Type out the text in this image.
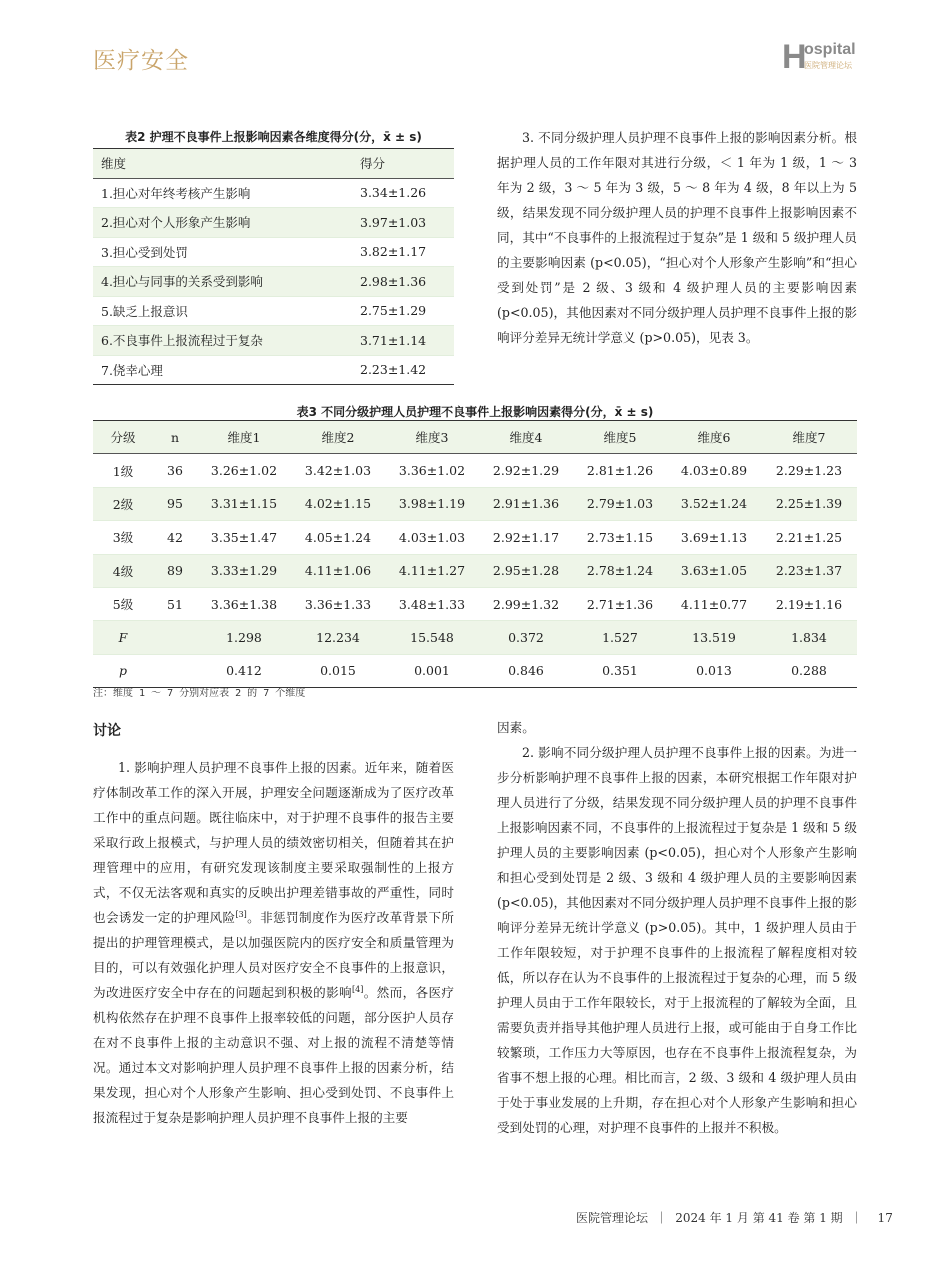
医疗安全	H
ospital
医院管理论坛
表2 护理不良事件上报影响因素各维度得分(分，x̄ ± s)
维度	得分
1.担心对年终考核产生影响	3.34±1.26
2.担心对个人形象产生影响	3.97±1.03
3.担心受到处罚	3.82±1.17
4.担心与同事的关系受到影响	2.98±1.36
5.缺乏上报意识	2.75±1.29
6.不良事件上报流程过于复杂	3.71±1.14
7.侥幸心理	2.23±1.42
3. 不同分级护理人员护理不良事件上报的影响因素分析。根据护理人员的工作年限对其进行分级，＜ 1 年为 1 级，1 ～ 3 年为 2 级，3 ～ 5 年为 3 级，5 ～ 8 年为 4 级，8 年以上为 5 级，结果发现不同分级护理人员的护理不良事件上报影响因素不同，其中“不良事件的上报流程过于复杂”是 1 级和 5 级护理人员的主要影响因素 (p<0.05)，“担心对个人形象产生影响”和“担心受到处罚”是 2 级、3 级和 4 级护理人员的主要影响因素 (p<0.05)，其他因素对不同分级护理人员护理不良事件上报的影响评分差异无统计学意义 (p>0.05)，见表 3。
表3 不同分级护理人员护理不良事件上报影响因素得分(分，x̄ ± s)
分级	n	维度1	维度2	维度3	维度4	维度5	维度6	维度7
1级	36	3.26±1.02	3.42±1.03	3.36±1.02	2.92±1.29	2.81±1.26	4.03±0.89	2.29±1.23
2级	95	3.31±1.15	4.02±1.15	3.98±1.19	2.91±1.36	2.79±1.03	3.52±1.24	2.25±1.39
3级	42	3.35±1.47	4.05±1.24	4.03±1.03	2.92±1.17	2.73±1.15	3.69±1.13	2.21±1.25
4级	89	3.33±1.29	4.11±1.06	4.11±1.27	2.95±1.28	2.78±1.24	3.63±1.05	2.23±1.37
5级	51	3.36±1.38	3.36±1.33	3.48±1.33	2.99±1.32	2.71±1.36	4.11±0.77	2.19±1.16
F		1.298	12.234	15.548	0.372	1.527	13.519	1.834
p		0.412	0.015	0.001	0.846	0.351	0.013	0.288
注：维度 1 ～ 7 分别对应表 2 的 7 个维度
讨论
1. 影响护理人员护理不良事件上报的因素。近年来，随着医疗体制改革工作的深入开展，护理安全问题逐渐成为了医疗改革工作中的重点问题。既往临床中，对于护理不良事件的报告主要采取行政上报模式，与护理人员的绩效密切相关，但随着其在护理管理中的应用，有研究发现该制度主要采取强制性的上报方式，不仅无法客观和真实的反映出护理差错事故的严重性，同时也会诱发一定的护理风险[3]。非惩罚制度作为医疗改革背景下所提出的护理管理模式，是以加强医院内的医疗安全和质量管理为目的，可以有效强化护理人员对医疗安全不良事件的上报意识，为改进医疗安全中存在的问题起到积极的影响[4]。然而，各医疗机构依然存在护理不良事件上报率较低的问题，部分医护人员存在对不良事件上报的主动意识不强、对上报的流程不清楚等情况。通过本文对影响护理人员护理不良事件上报的因素分析，结果发现，担心对个人形象产生影响、担心受到处罚、不良事件上报流程过于复杂是影响护理人员护理不良事件上报的主要
因素。
2. 影响不同分级护理人员护理不良事件上报的因素。为进一步分析影响护理不良事件上报的因素，本研究根据工作年限对护理人员进行了分级，结果发现不同分级护理人员的护理不良事件上报影响因素不同，不良事件的上报流程过于复杂是 1 级和 5 级护理人员的主要影响因素 (p<0.05)，担心对个人形象产生影响和担心受到处罚是 2 级、3 级和 4 级护理人员的主要影响因素 (p<0.05)，其他因素对不同分级护理人员护理不良事件上报的影响评分差异无统计学意义 (p>0.05)。其中，1 级护理人员由于工作年限较短，对于护理不良事件的上报流程了解程度相对较低，所以存在认为不良事件的上报流程过于复杂的心理，而 5 级护理人员由于工作年限较长，对于上报流程的了解较为全面，且需要负责并指导其他护理人员进行上报，或可能由于自身工作比较繁琐，工作压力大等原因，也存在不良事件上报流程复杂，为省事不想上报的心理。相比而言，2 级、3 级和 4 级护理人员由于处于事业发展的上升期，存在担心对个人形象产生影响和担心受到处罚的心理，对护理不良事件的上报并不积极。
医院管理论坛  ｜  2024 年 1 月 第 41 卷 第 1 期  ｜    17
